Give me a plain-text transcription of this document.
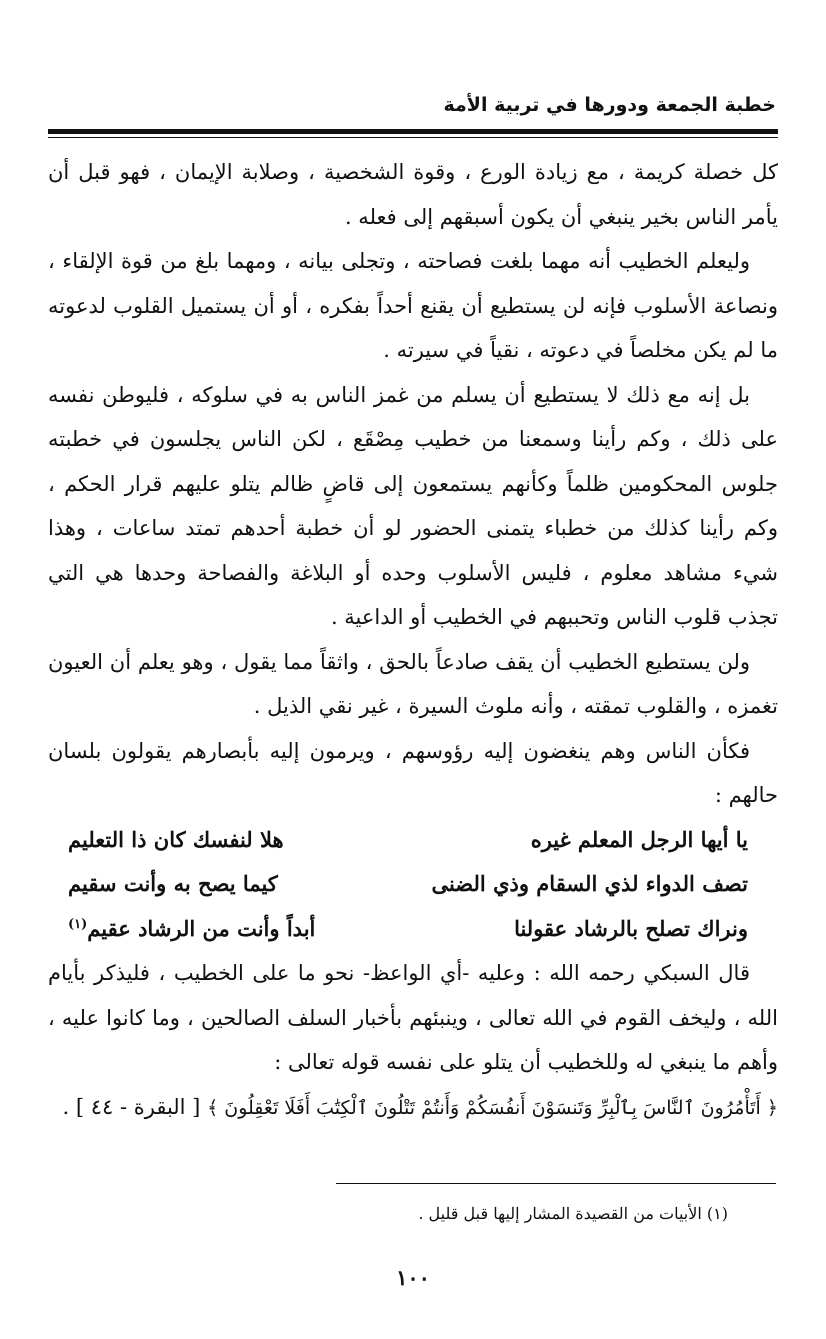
خطبة الجمعة ودورها في تربية الأمة

كل خصلة كريمة ، مع زيادة الورع ، وقوة الشخصية ، وصلابة الإيمان ، فهو قبل أن يأمر الناس بخير ينبغي أن يكون أسبقهم إلى فعله .

وليعلم الخطيب أنه مهما بلغت فصاحته ، وتجلى بيانه ، ومهما بلغ من قوة الإلقاء ، ونصاعة الأسلوب فإنه لن يستطيع أن يقنع أحداً بفكره ، أو أن يستميل القلوب لدعوته ما لم يكن مخلصاً في دعوته ، نقياً في سيرته .

بل إنه مع ذلك لا يستطيع أن يسلم من غمز الناس به في سلوكه ، فليوطن نفسه على ذلك ، وكم رأينا وسمعنا من خطيب مِصْقَع ، لكن الناس يجلسون في خطبته جلوس المحكومين ظلماً وكأنهم يستمعون إلى قاضٍ ظالم يتلو عليهم قرار الحكم ، وكم رأينا كذلك من خطباء يتمنى الحضور لو أن خطبة أحدهم تمتد ساعات ، وهذا شيء مشاهد معلوم ، فليس الأسلوب وحده أو البلاغة والفصاحة وحدها هي التي تجذب قلوب الناس وتحببهم في الخطيب أو الداعية .

ولن يستطيع الخطيب أن يقف صادعاً بالحق ، واثقاً مما يقول ، وهو يعلم أن العيون تغمزه ، والقلوب تمقته ، وأنه ملوث السيرة ، غير نقي الذيل .

فكأن الناس وهم ينغضون إليه رؤوسهم ، ويرمون إليه بأبصارهم يقولون بلسان حالهم :

يا أيها الرجل المعلم غيره
هلا لنفسك كان ذا التعليم
تصف الدواء لذي السقام وذي الضنى
كيما يصح به وأنت سقيم
ونراك تصلح بالرشاد عقولنا
أبداً وأنت من الرشاد عقيم$^{(١)}$

قال السبكي رحمه الله : وعليه -أي الواعظ- نحو ما على الخطيب ، فليذكر بأيام الله ، وليخف القوم في الله تعالى ، وينبئهم بأخبار السلف الصالحين ، وما كانوا عليه ، وأهم ما ينبغي له وللخطيب أن يتلو على نفسه قوله تعالى :

﴿ أَتَأْمُرُونَ ٱلنَّاسَ بِٱلْبِرِّ وَتَنسَوْنَ أَنفُسَكُمْ وَأَنتُمْ تَتْلُونَ ٱلْكِتَٰبَ أَفَلَا تَعْقِلُونَ ﴾ [ البقرة - ٤٤ ] .

(١) الأبيات من القصيدة المشار إليها قبل قليل .
١٠٠
